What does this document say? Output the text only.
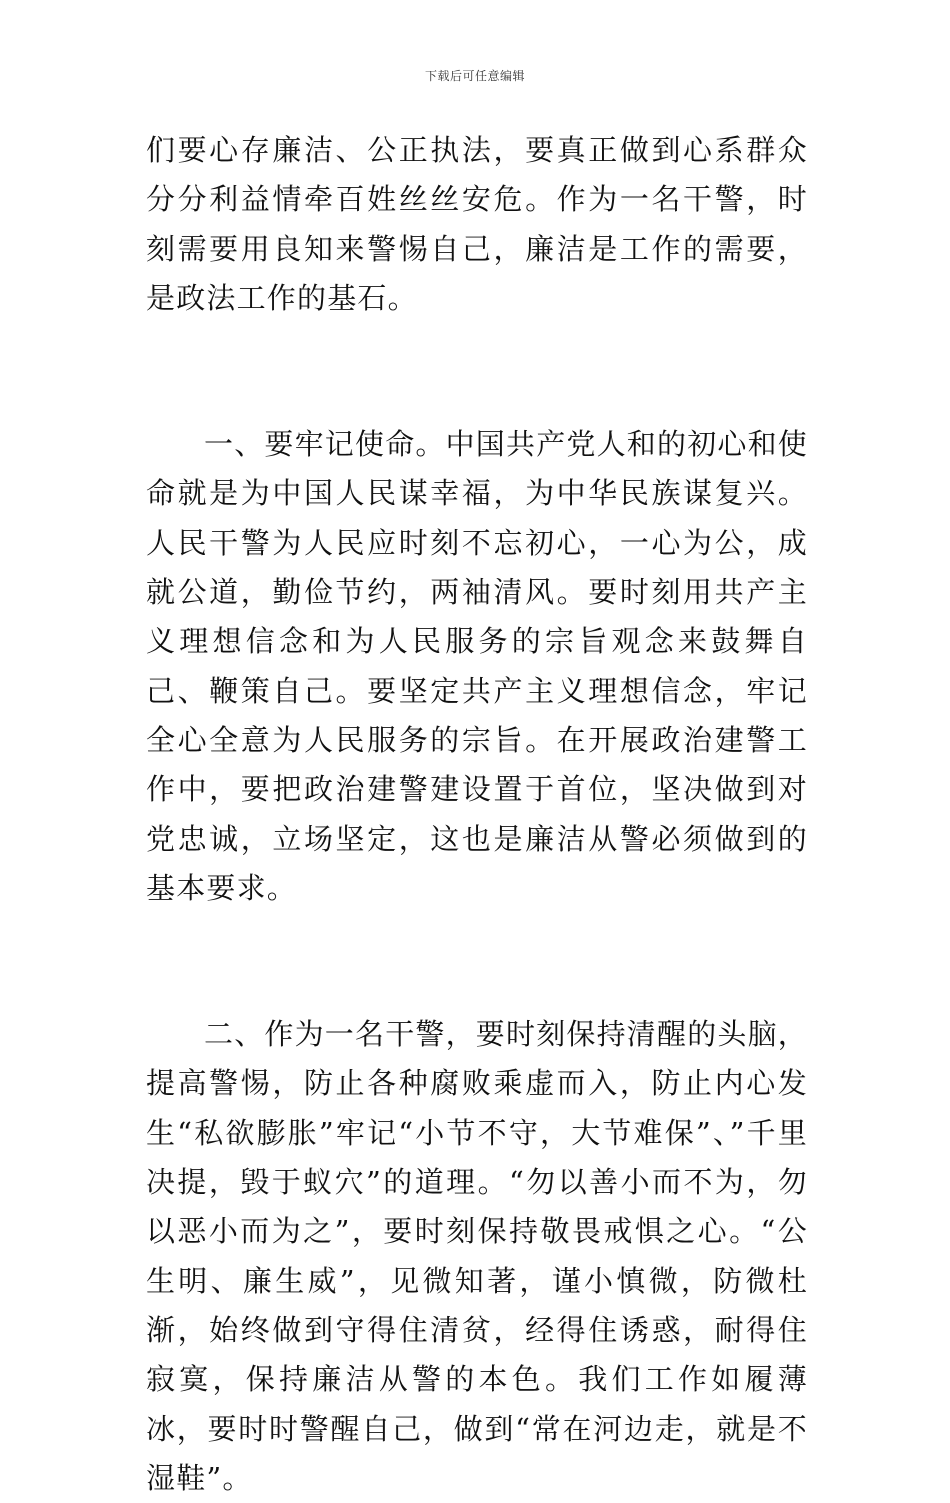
下载后可任意编辑

们要心存廉洁、公正执法，要真正做到心系群众分分利益情牵百姓丝丝安危。作为一名干警，时刻需要用良知来警惕自己，廉洁是工作的需要，是政法工作的基石。

一、要牢记使命。中国共产党人和的初心和使命就是为中国人民谋幸福，为中华民族谋复兴。人民干警为人民应时刻不忘初心，一心为公，成就公道，勤俭节约，两袖清风。要时刻用共产主义理想信念和为人民服务的宗旨观念来鼓舞自己、鞭策自己。要坚定共产主义理想信念，牢记全心全意为人民服务的宗旨。在开展政治建警工作中，要把政治建警建设置于首位，坚决做到对党忠诚，立场坚定，这也是廉洁从警必须做到的基本要求。

二、作为一名干警，要时刻保持清醒的头脑，提高警惕，防止各种腐败乘虚而入，防止内心发生“私欲膨胀”牢记“小节不守，大节难保”、”千里决提，毁于蚁穴”的道理。“勿以善小而不为，勿以恶小而为之”，要时刻保持敬畏戒惧之心。“公生明、廉生威”，见微知著，谨小慎微，防微杜渐，始终做到守得住清贫，经得住诱惑，耐得住寂寞，保持廉洁从警的本色。我们工作如履薄冰，要时时警醒自己，做到“常在河边走，就是不湿鞋”。
